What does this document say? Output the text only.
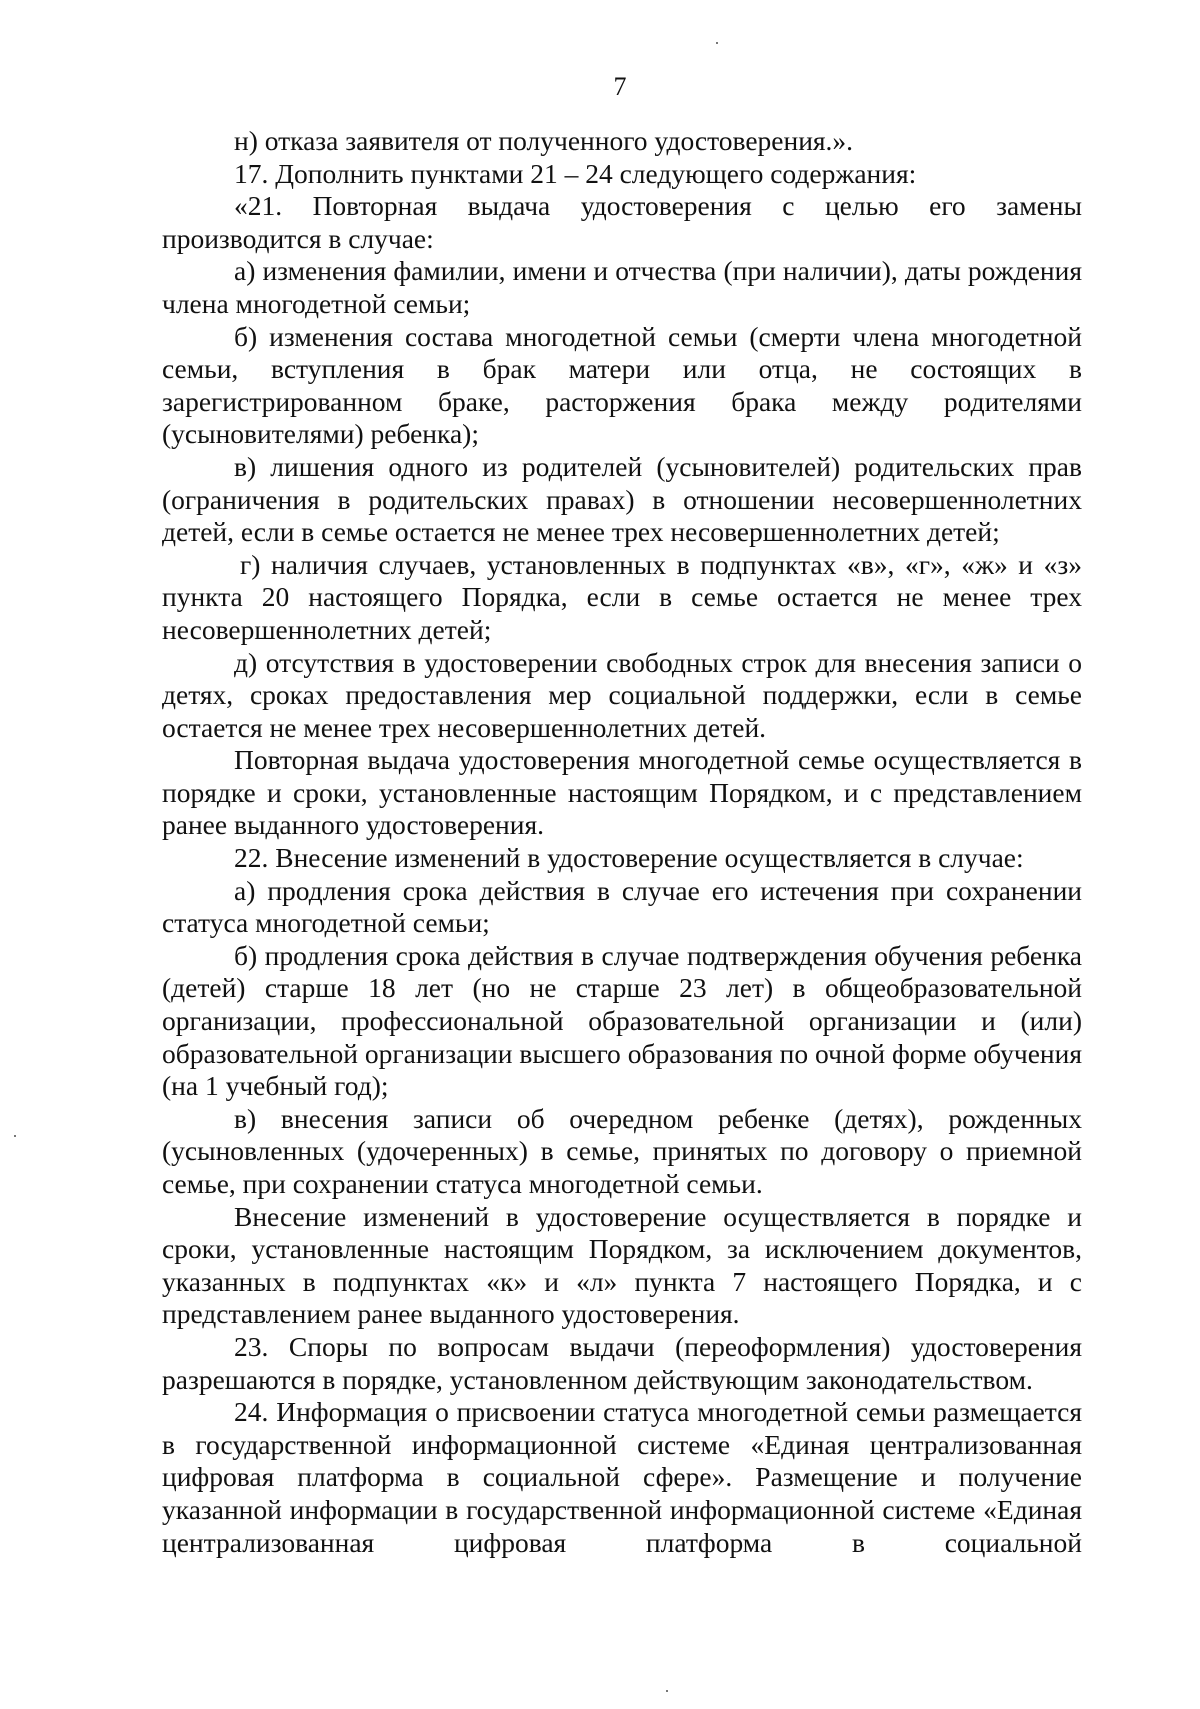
7

н) отказа заявителя от полученного удостоверения.».

17. Дополнить пунктами 21 – 24 следующего содержания:

«21. Повторная выдача удостоверения с целью его замены производится в случае:

а) изменения фамилии, имени и отчества (при наличии), даты рождения члена многодетной семьи;

б) изменения состава многодетной семьи (смерти члена многодетной семьи, вступления в брак матери или отца, не состоящих в зарегистрированном браке, расторжения брака между родителями (усыновителями) ребенка);

в) лишения одного из родителей (усыновителей) родительских прав (ограничения в родительских правах) в отношении несовершеннолетних детей, если в семье остается не менее трех несовершеннолетних детей;

г) наличия случаев, установленных в подпунктах «в», «г», «ж» и «з» пункта 20 настоящего Порядка, если в семье остается не менее трех несовершеннолетних детей;

д) отсутствия в удостоверении свободных строк для внесения записи о детях, сроках предоставления мер социальной поддержки, если в семье остается не менее трех несовершеннолетних детей.

Повторная выдача удостоверения многодетной семье осуществляется в порядке и сроки, установленные настоящим Порядком, и с представлением ранее выданного удостоверения.

22. Внесение изменений в удостоверение осуществляется в случае:

а) продления срока действия в случае его истечения при сохранении статуса многодетной семьи;

б) продления срока действия в случае подтверждения обучения ребенка (детей) старше 18 лет (но не старше 23 лет) в общеобразовательной организации, профессиональной образовательной организации и (или) образовательной организации высшего образования по очной форме обучения (на 1 учебный год);

в) внесения записи об очередном ребенке (детях), рожденных (усыновленных (удочеренных) в семье, принятых по договору о приемной семье, при сохранении статуса многодетной семьи.

Внесение изменений в удостоверение осуществляется в порядке и сроки, установленные настоящим Порядком, за исключением документов, указанных в подпунктах «к» и «л» пункта 7 настоящего Порядка, и с представлением ранее выданного удостоверения.

23. Споры по вопросам выдачи (переоформления) удостоверения разрешаются в порядке, установленном действующим законодательством.

24. Информация о присвоении статуса многодетной семьи размещается в государственной информационной системе «Единая централизованная цифровая платформа в социальной сфере». Размещение и получение указанной информации в государственной информационной системе «Единая централизованная цифровая платформа в социальной
